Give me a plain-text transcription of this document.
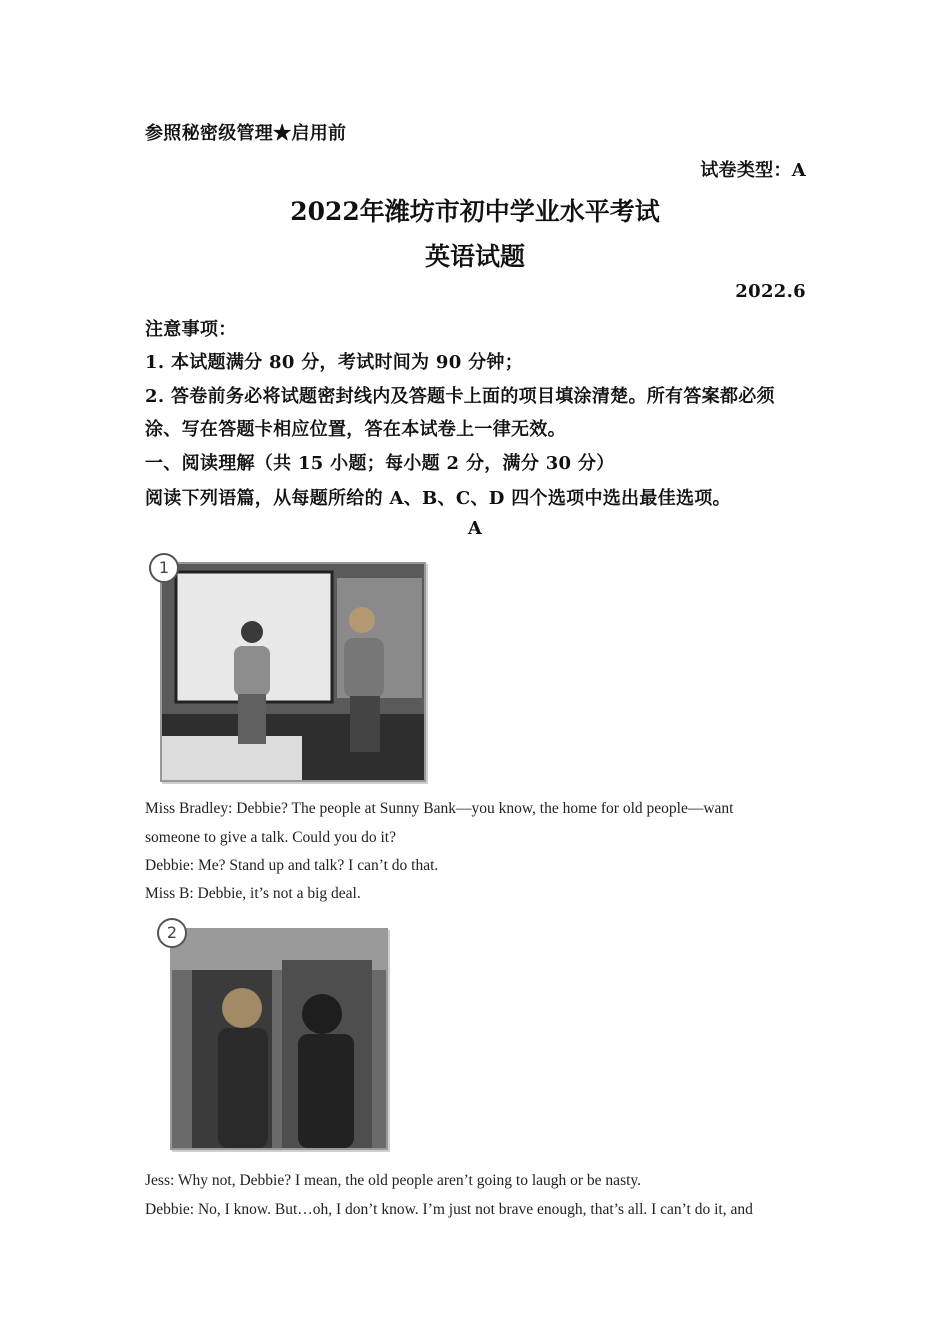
参照秘密级管理★启用前
试卷类型：A
2022年潍坊市初中学业水平考试
英语试题
2022.6
注意事项：
1. 本试题满分 80 分，考试时间为 90 分钟；
2. 答卷前务必将试题密封线内及答题卡上面的项目填涂清楚。所有答案都必须
涂、写在答题卡相应位置，答在本试卷上一律无效。
一、阅读理解（共 15 小题；每小题 2 分，满分 30 分）
阅读下列语篇，从每题所给的 A、B、C、D 四个选项中选出最佳选项。
A
1
Miss Bradley: Debbie? The people at Sunny Bank—you know, the home for old people—want
someone to give a talk. Could you do it?
Debbie: Me? Stand up and talk? I can’t do that.
Miss B: Debbie, it’s not a big deal.
2
Jess: Why not, Debbie? I mean, the old people aren’t going to laugh or be nasty.
Debbie: No, I know. But…oh, I don’t know. I’m just not brave enough, that’s all. I can’t do it, and
